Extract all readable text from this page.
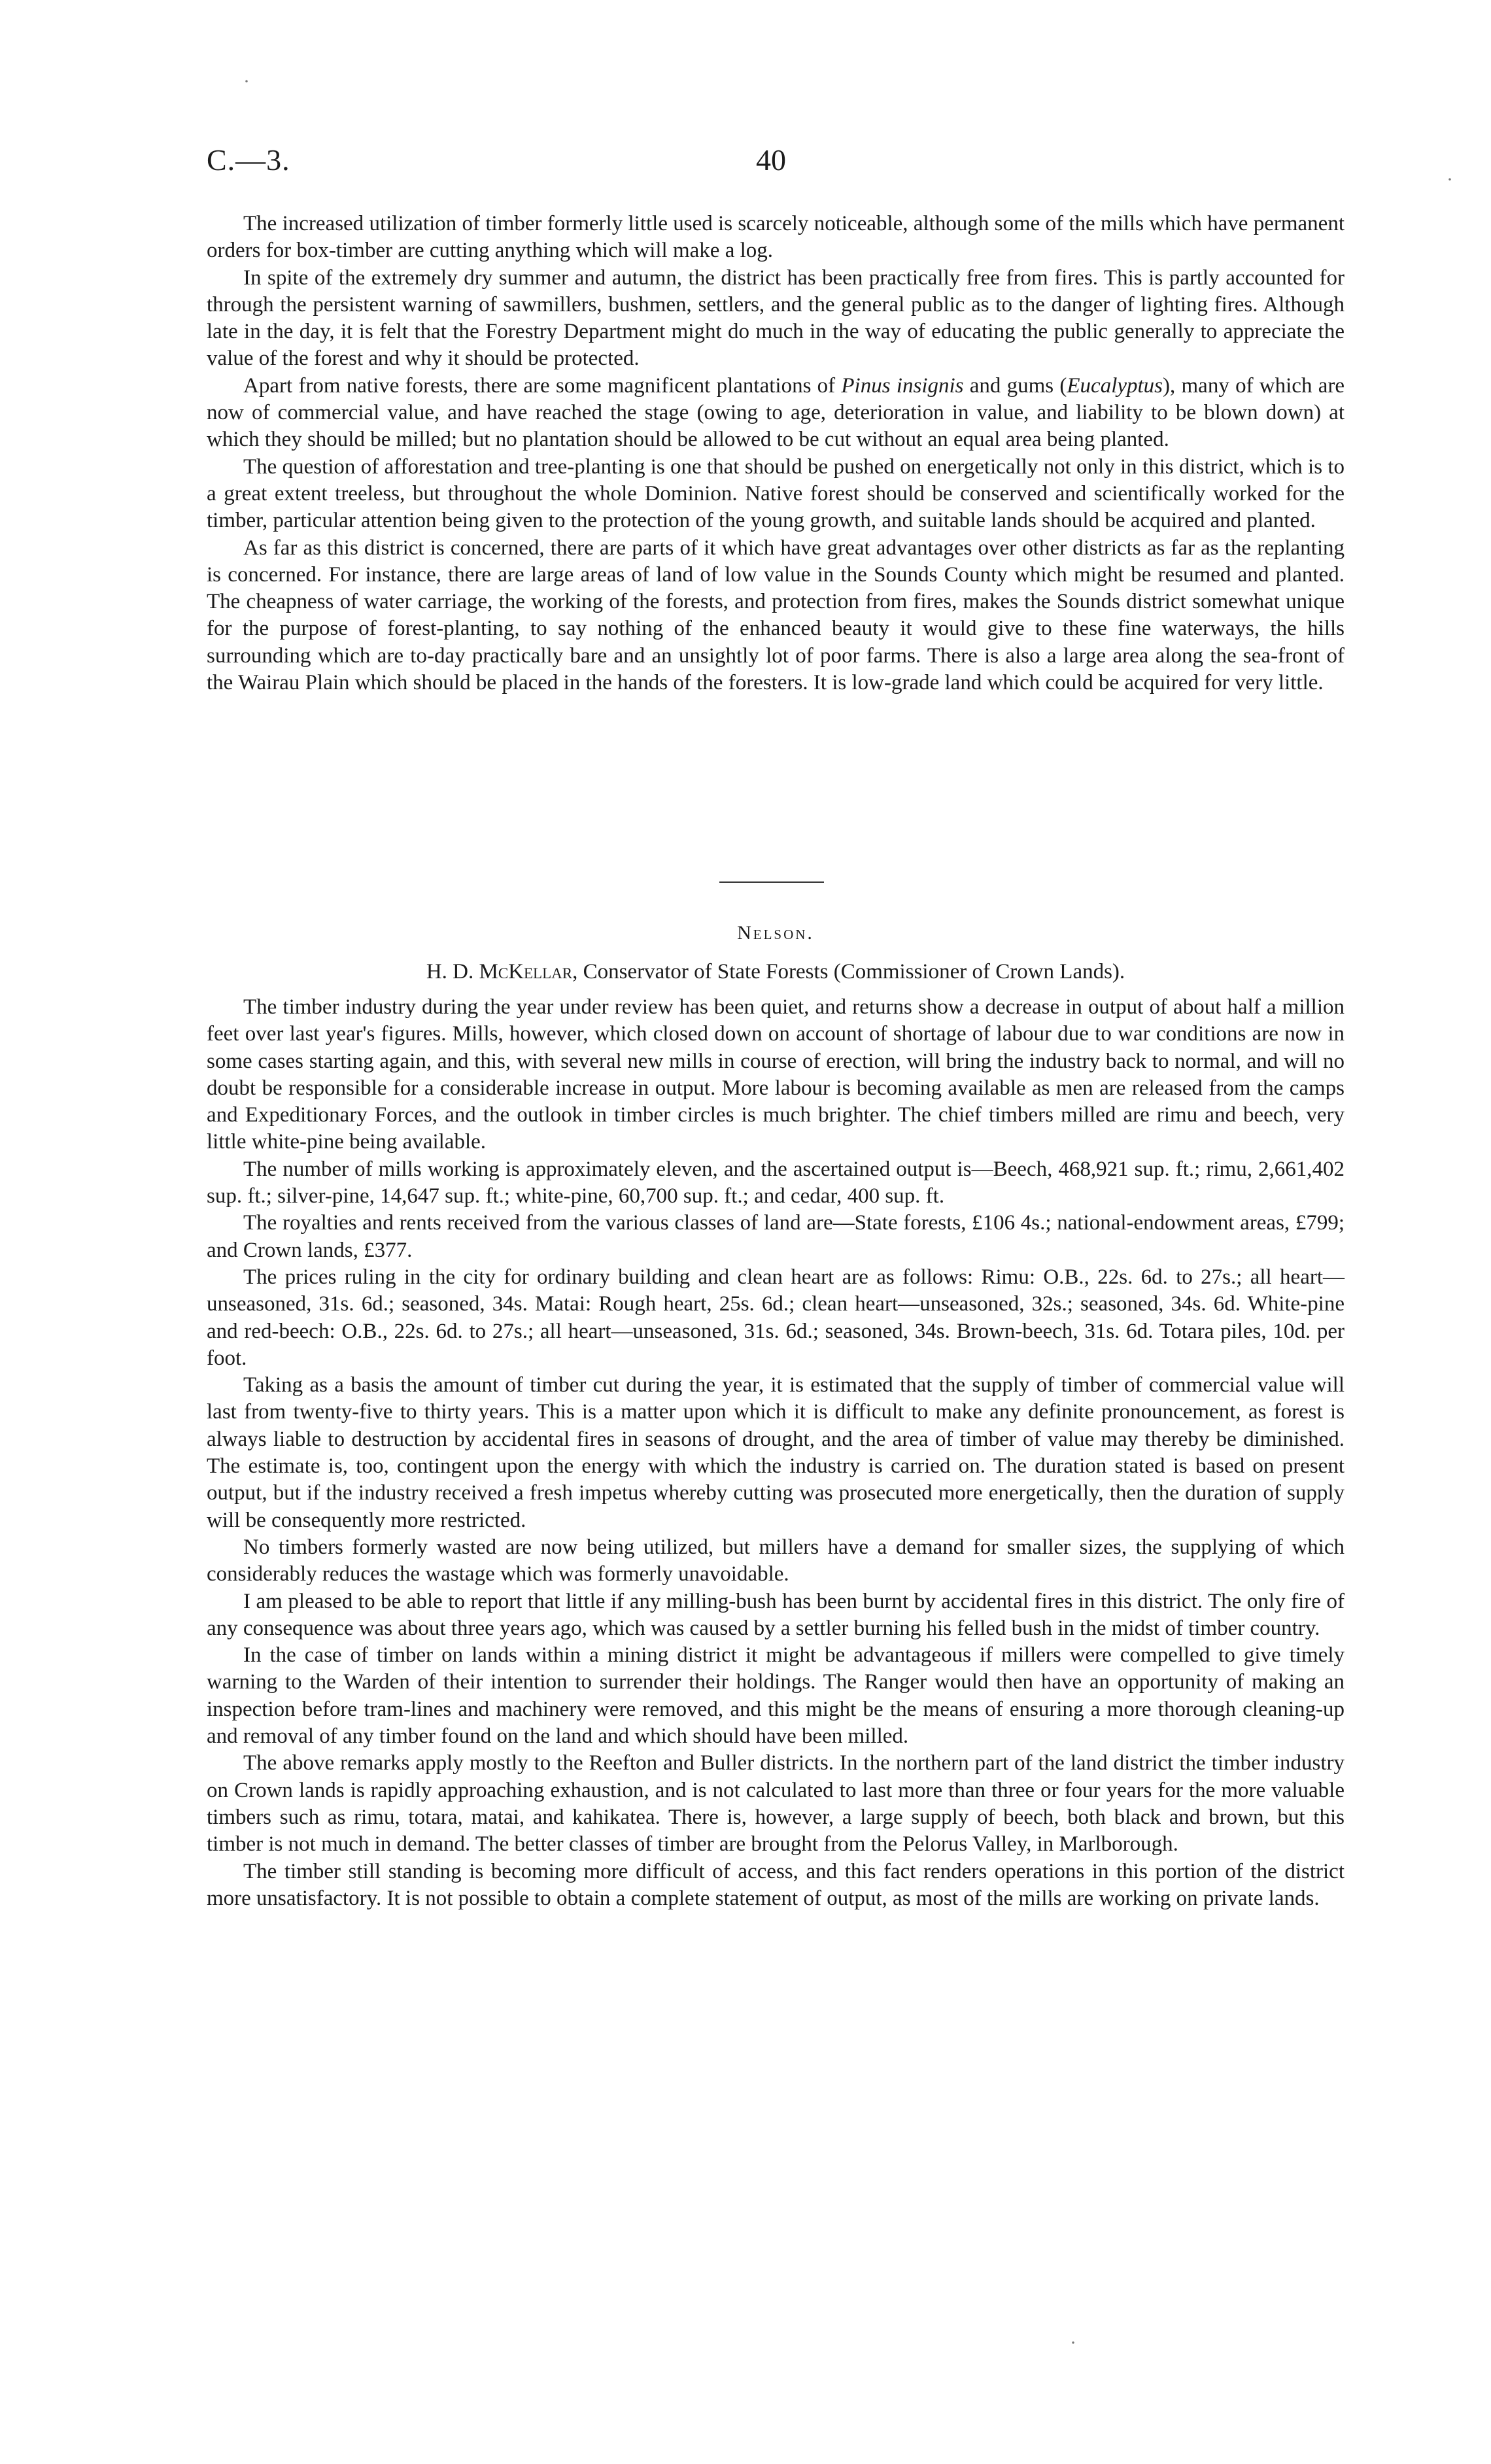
C.—3.	40
·
·
·

The increased utilization of timber formerly little used is scarcely noticeable, although some of the mills which have permanent orders for box-timber are cutting anything which will make a log.

In spite of the extremely dry summer and autumn, the district has been practically free from fires. This is partly accounted for through the persistent warning of sawmillers, bushmen, settlers, and the general public as to the danger of lighting fires. Although late in the day, it is felt that the Forestry Department might do much in the way of educating the public generally to appreciate the value of the forest and why it should be protected.

Apart from native forests, there are some magnificent plantations of Pinus insignis and gums (Eucalyptus), many of which are now of commercial value, and have reached the stage (owing to age, deterioration in value, and liability to be blown down) at which they should be milled; but no plantation should be allowed to be cut without an equal area being planted.

The question of afforestation and tree-planting is one that should be pushed on energetically not only in this district, which is to a great extent treeless, but throughout the whole Dominion. Native forest should be conserved and scientifically worked for the timber, particular attention being given to the protection of the young growth, and suitable lands should be acquired and planted.

As far as this district is concerned, there are parts of it which have great advantages over other districts as far as the replanting is concerned. For instance, there are large areas of land of low value in the Sounds County which might be resumed and planted. The cheapness of water carriage, the working of the forests, and protection from fires, makes the Sounds district somewhat unique for the purpose of forest-planting, to say nothing of the enhanced beauty it would give to these fine waterways, the hills surrounding which are to-day practically bare and an unsightly lot of poor farms. There is also a large area along the sea-front of the Wairau Plain which should be placed in the hands of the foresters. It is low-grade land which could be acquired for very little.

Nelson.
H. D. McKellar, Conservator of State Forests (Commissioner of Crown Lands).

The timber industry during the year under review has been quiet, and returns show a decrease in output of about half a million feet over last year's figures. Mills, however, which closed down on account of shortage of labour due to war conditions are now in some cases starting again, and this, with several new mills in course of erection, will bring the industry back to normal, and will no doubt be responsible for a considerable increase in output. More labour is becoming available as men are released from the camps and Expeditionary Forces, and the outlook in timber circles is much brighter. The chief timbers milled are rimu and beech, very little white-pine being available.

The number of mills working is approximately eleven, and the ascertained output is—Beech, 468,921 sup. ft.; rimu, 2,661,402 sup. ft.; silver-pine, 14,647 sup. ft.; white-pine, 60,700 sup. ft.; and cedar, 400 sup. ft.

The royalties and rents received from the various classes of land are—State forests, £106 4s.; national-endowment areas, £799; and Crown lands, £377.

The prices ruling in the city for ordinary building and clean heart are as follows: Rimu: O.B., 22s. 6d. to 27s.; all heart—unseasoned, 31s. 6d.; seasoned, 34s. Matai: Rough heart, 25s. 6d.; clean heart—unseasoned, 32s.; seasoned, 34s. 6d. White-pine and red-beech: O.B., 22s. 6d. to 27s.; all heart—unseasoned, 31s. 6d.; seasoned, 34s. Brown-beech, 31s. 6d. Totara piles, 10d. per foot.

Taking as a basis the amount of timber cut during the year, it is estimated that the supply of timber of commercial value will last from twenty-five to thirty years. This is a matter upon which it is difficult to make any definite pronouncement, as forest is always liable to destruction by accidental fires in seasons of drought, and the area of timber of value may thereby be diminished. The estimate is, too, contingent upon the energy with which the industry is carried on. The duration stated is based on present output, but if the industry received a fresh impetus whereby cutting was prosecuted more energetically, then the duration of supply will be consequently more restricted.

No timbers formerly wasted are now being utilized, but millers have a demand for smaller sizes, the supplying of which considerably reduces the wastage which was formerly unavoidable.

I am pleased to be able to report that little if any milling-bush has been burnt by accidental fires in this district. The only fire of any consequence was about three years ago, which was caused by a settler burning his felled bush in the midst of timber country.

In the case of timber on lands within a mining district it might be advantageous if millers were compelled to give timely warning to the Warden of their intention to surrender their holdings. The Ranger would then have an opportunity of making an inspection before tram-lines and machinery were removed, and this might be the means of ensuring a more thorough cleaning-up and removal of any timber found on the land and which should have been milled.

The above remarks apply mostly to the Reefton and Buller districts. In the northern part of the land district the timber industry on Crown lands is rapidly approaching exhaustion, and is not calculated to last more than three or four years for the more valuable timbers such as rimu, totara, matai, and kahikatea. There is, however, a large supply of beech, both black and brown, but this timber is not much in demand. The better classes of timber are brought from the Pelorus Valley, in Marlborough.

The timber still standing is becoming more difficult of access, and this fact renders operations in this portion of the district more unsatisfactory. It is not possible to obtain a complete statement of output, as most of the mills are working on private lands.
